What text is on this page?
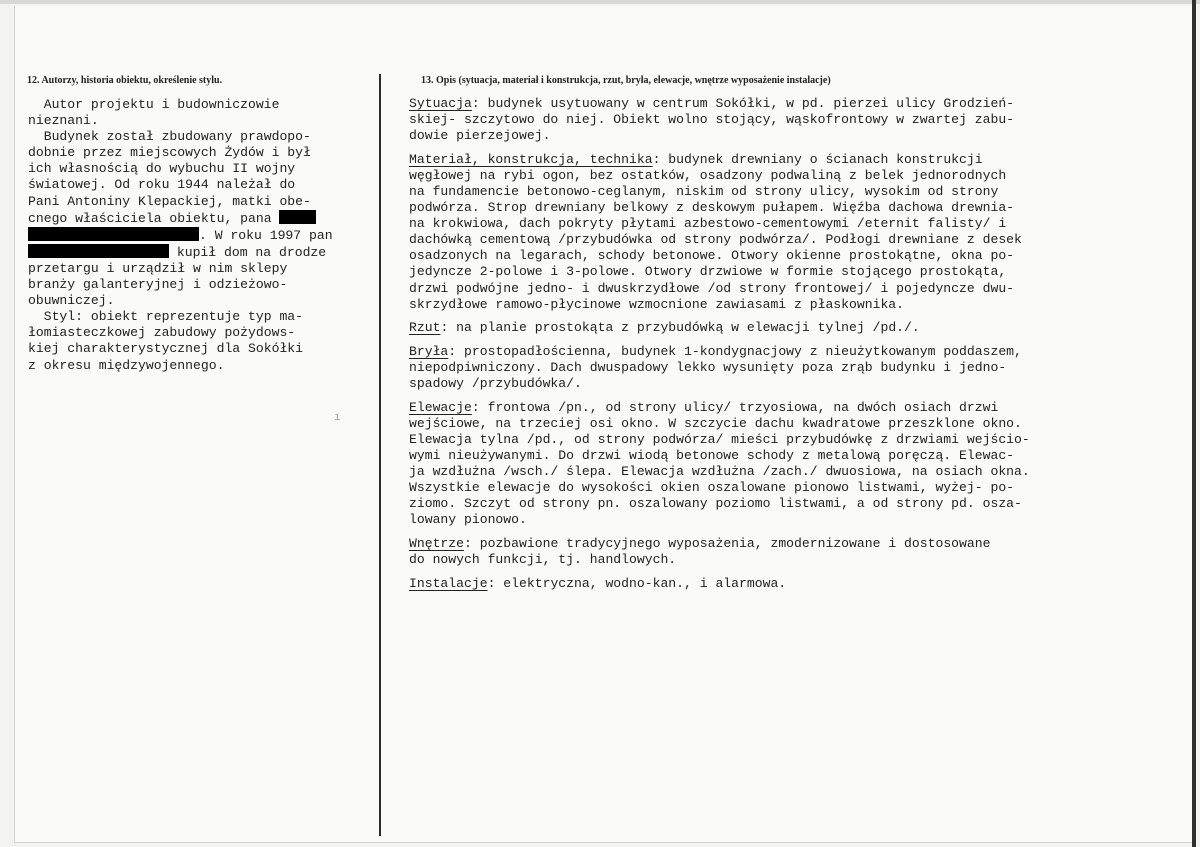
12. Autorzy, historia obiektu, określenie stylu.	13. Opis (sytuacja, materiał i konstrukcja, rzut, bryła, elewacje, wnętrze wyposażenie instalacje)

Autor projektu i budowniczowie
nieznani.

Budynek został zbudowany prawdopo-
dobnie przez miejscowych Żydów i był
ich własnością do wybuchu II wojny
światowej. Od roku 1944 należał do
Pani Antoniny Klepackiej, matki obe-
cnego właściciela obiektu, pana
. W roku 1997 pan
kupił dom na drodze
przetargu i urządził w nim sklepy
branży galanteryjnej i odzieżowo-
obuwniczej.

Styl: obiekt reprezentuje typ ma-
łomiasteczkowej zabudowy pożydows-
kiej charakterystycznej dla Sokółki
z okresu międzywojennego.

ı

Sytuacja: budynek usytuowany w centrum Sokółki, w pd. pierzei ulicy Grodzień-
skiej- szczytowo do niej. Obiekt wolno stojący, wąskofrontowy w zwartej zabu-
dowie pierzejowej.

Materiał, konstrukcja, technika: budynek drewniany o ścianach konstrukcji
węgłowej na rybi ogon, bez ostatków, osadzony podwaliną z belek jednorodnych
na fundamencie betonowo-ceglanym, niskim od strony ulicy, wysokim od strony
podwórza. Strop drewniany belkowy z deskowym pułapem. Więźba dachowa drewnia-
na krokwiowa, dach pokryty płytami azbestowo-cementowymi /eternit falisty/ i
dachówką cementową /przybudówka od strony podwórza/. Podłogi drewniane z desek
osadzonych na legarach, schody betonowe. Otwory okienne prostokątne, okna po-
jedyncze 2-polowe i 3-polowe. Otwory drzwiowe w formie stojącego prostokąta,
drzwi podwójne jedno- i dwuskrzydłowe /od strony frontowej/ i pojedyncze dwu-
skrzydłowe ramowo-płycinowe wzmocnione zawiasami z płaskownika.

Rzut: na planie prostokąta z przybudówką w elewacji tylnej /pd./.

Bryła: prostopadłościenna, budynek 1-kondygnacjowy z nieużytkowanym poddaszem,
niepodpiwniczony. Dach dwuspadowy lekko wysunięty poza zrąb budynku i jedno-
spadowy /przybudówka/.

Elewacje: frontowa /pn., od strony ulicy/ trzyosiowa, na dwóch osiach drzwi
wejściowe, na trzeciej osi okno. W szczycie dachu kwadratowe przeszklone okno.
Elewacja tylna /pd., od strony podwórza/ mieści przybudówkę z drzwiami wejścio-
wymi nieużywanymi. Do drzwi wiodą betonowe schody z metalową poręczą. Elewac-
ja wzdłużna /wsch./ ślepa. Elewacja wzdłużna /zach./ dwuosiowa, na osiach okna.
Wszystkie elewacje do wysokości okien oszalowane pionowo listwami, wyżej- po-
ziomo. Szczyt od strony pn. oszalowany poziomo listwami, a od strony pd. osza-
lowany pionowo.

Wnętrze: pozbawione tradycyjnego wyposażenia, zmodernizowane i dostosowane
do nowych funkcji, tj. handlowych.

Instalacje: elektryczna, wodno-kan., i alarmowa.
